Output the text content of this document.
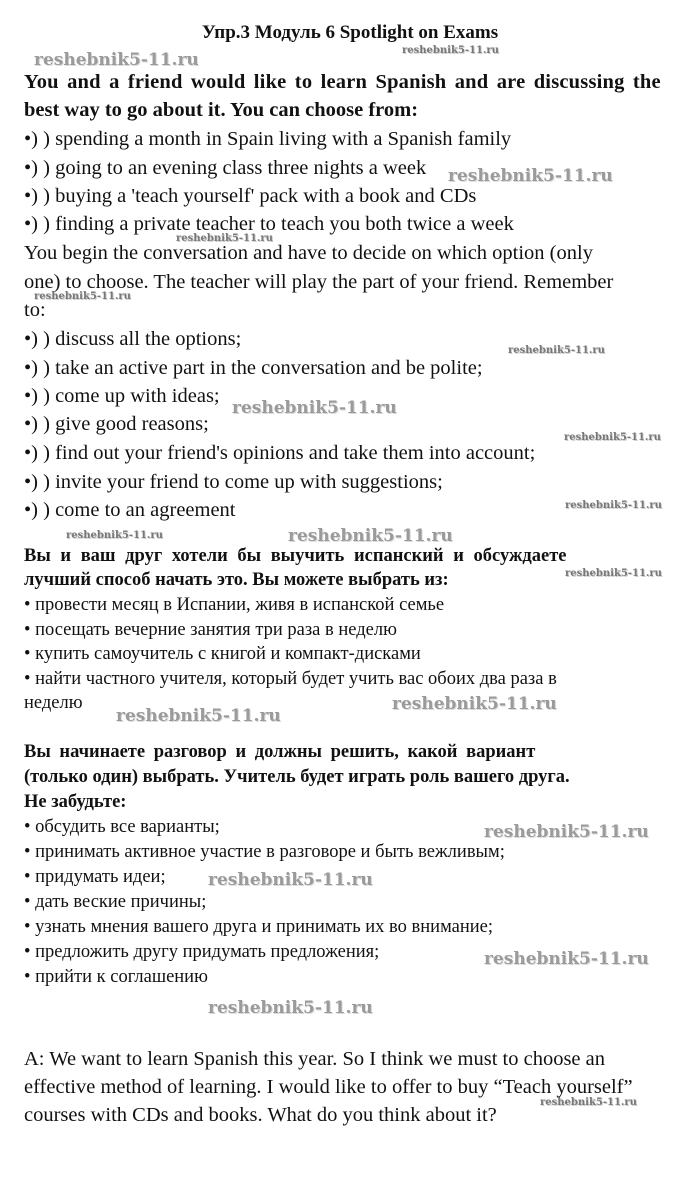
Упр.3 Модуль 6 Spotlight on Exams

You and a friend would like to learn Spanish and are discussing the

best way to go about it. You can choose from:

•) ) spending a month in Spain living with a Spanish family

•) ) going to an evening class three nights a week

•) ) buying a 'teach yourself' pack with a book and CDs

•) ) finding a private teacher to teach you both twice a week

You begin the conversation and have to decide on which option (only

one) to choose. The teacher will play the part of your friend. Remember

to:

•) ) discuss all the options;

•) ) take an active part in the conversation and be polite;

•) ) come up with ideas;

•) ) give good reasons;

•) ) find out your friend's opinions and take them into account;

•) ) invite your friend to come up with suggestions;

•) ) come to an agreement

Вы и ваш друг хотели бы выучить испанский и обсуждаете

лучший способ начать это. Вы можете выбрать из:

• провести месяц в Испании, живя в испанской семье

• посещать вечерние занятия три раза в неделю

• купить самоучитель с книгой и компакт-дисками

• найти частного учителя, который будет учить вас обоих два раза в

неделю

Вы начинаете разговор и должны решить, какой вариант

(только один) выбрать. Учитель будет играть роль вашего друга.

Не забудьте:

• обсудить все варианты;

• принимать активное участие в разговоре и быть вежливым;

• придумать идеи;

• дать веские причины;

• узнать мнения вашего друга и принимать их во внимание;

• предложить другу придумать предложения;

• прийти к соглашению

A: We want to learn Spanish this year. So I think we must to choose an

effective method of learning. I would like to offer to buy “Teach yourself”

courses with CDs and books. What do you think about it?

reshebnik5-11.ru	reshebnik5-11.ru
reshebnik5-11.ru
reshebnik5-11.ru
reshebnik5-11.ru
reshebnik5-11.ru
reshebnik5-11.ru
reshebnik5-11.ru
reshebnik5-11.ru
reshebnik5-11.ru	reshebnik5-11.ru
reshebnik5-11.ru
reshebnik5-11.ru
reshebnik5-11.ru
reshebnik5-11.ru
reshebnik5-11.ru
reshebnik5-11.ru
reshebnik5-11.ru
reshebnik5-11.ru
